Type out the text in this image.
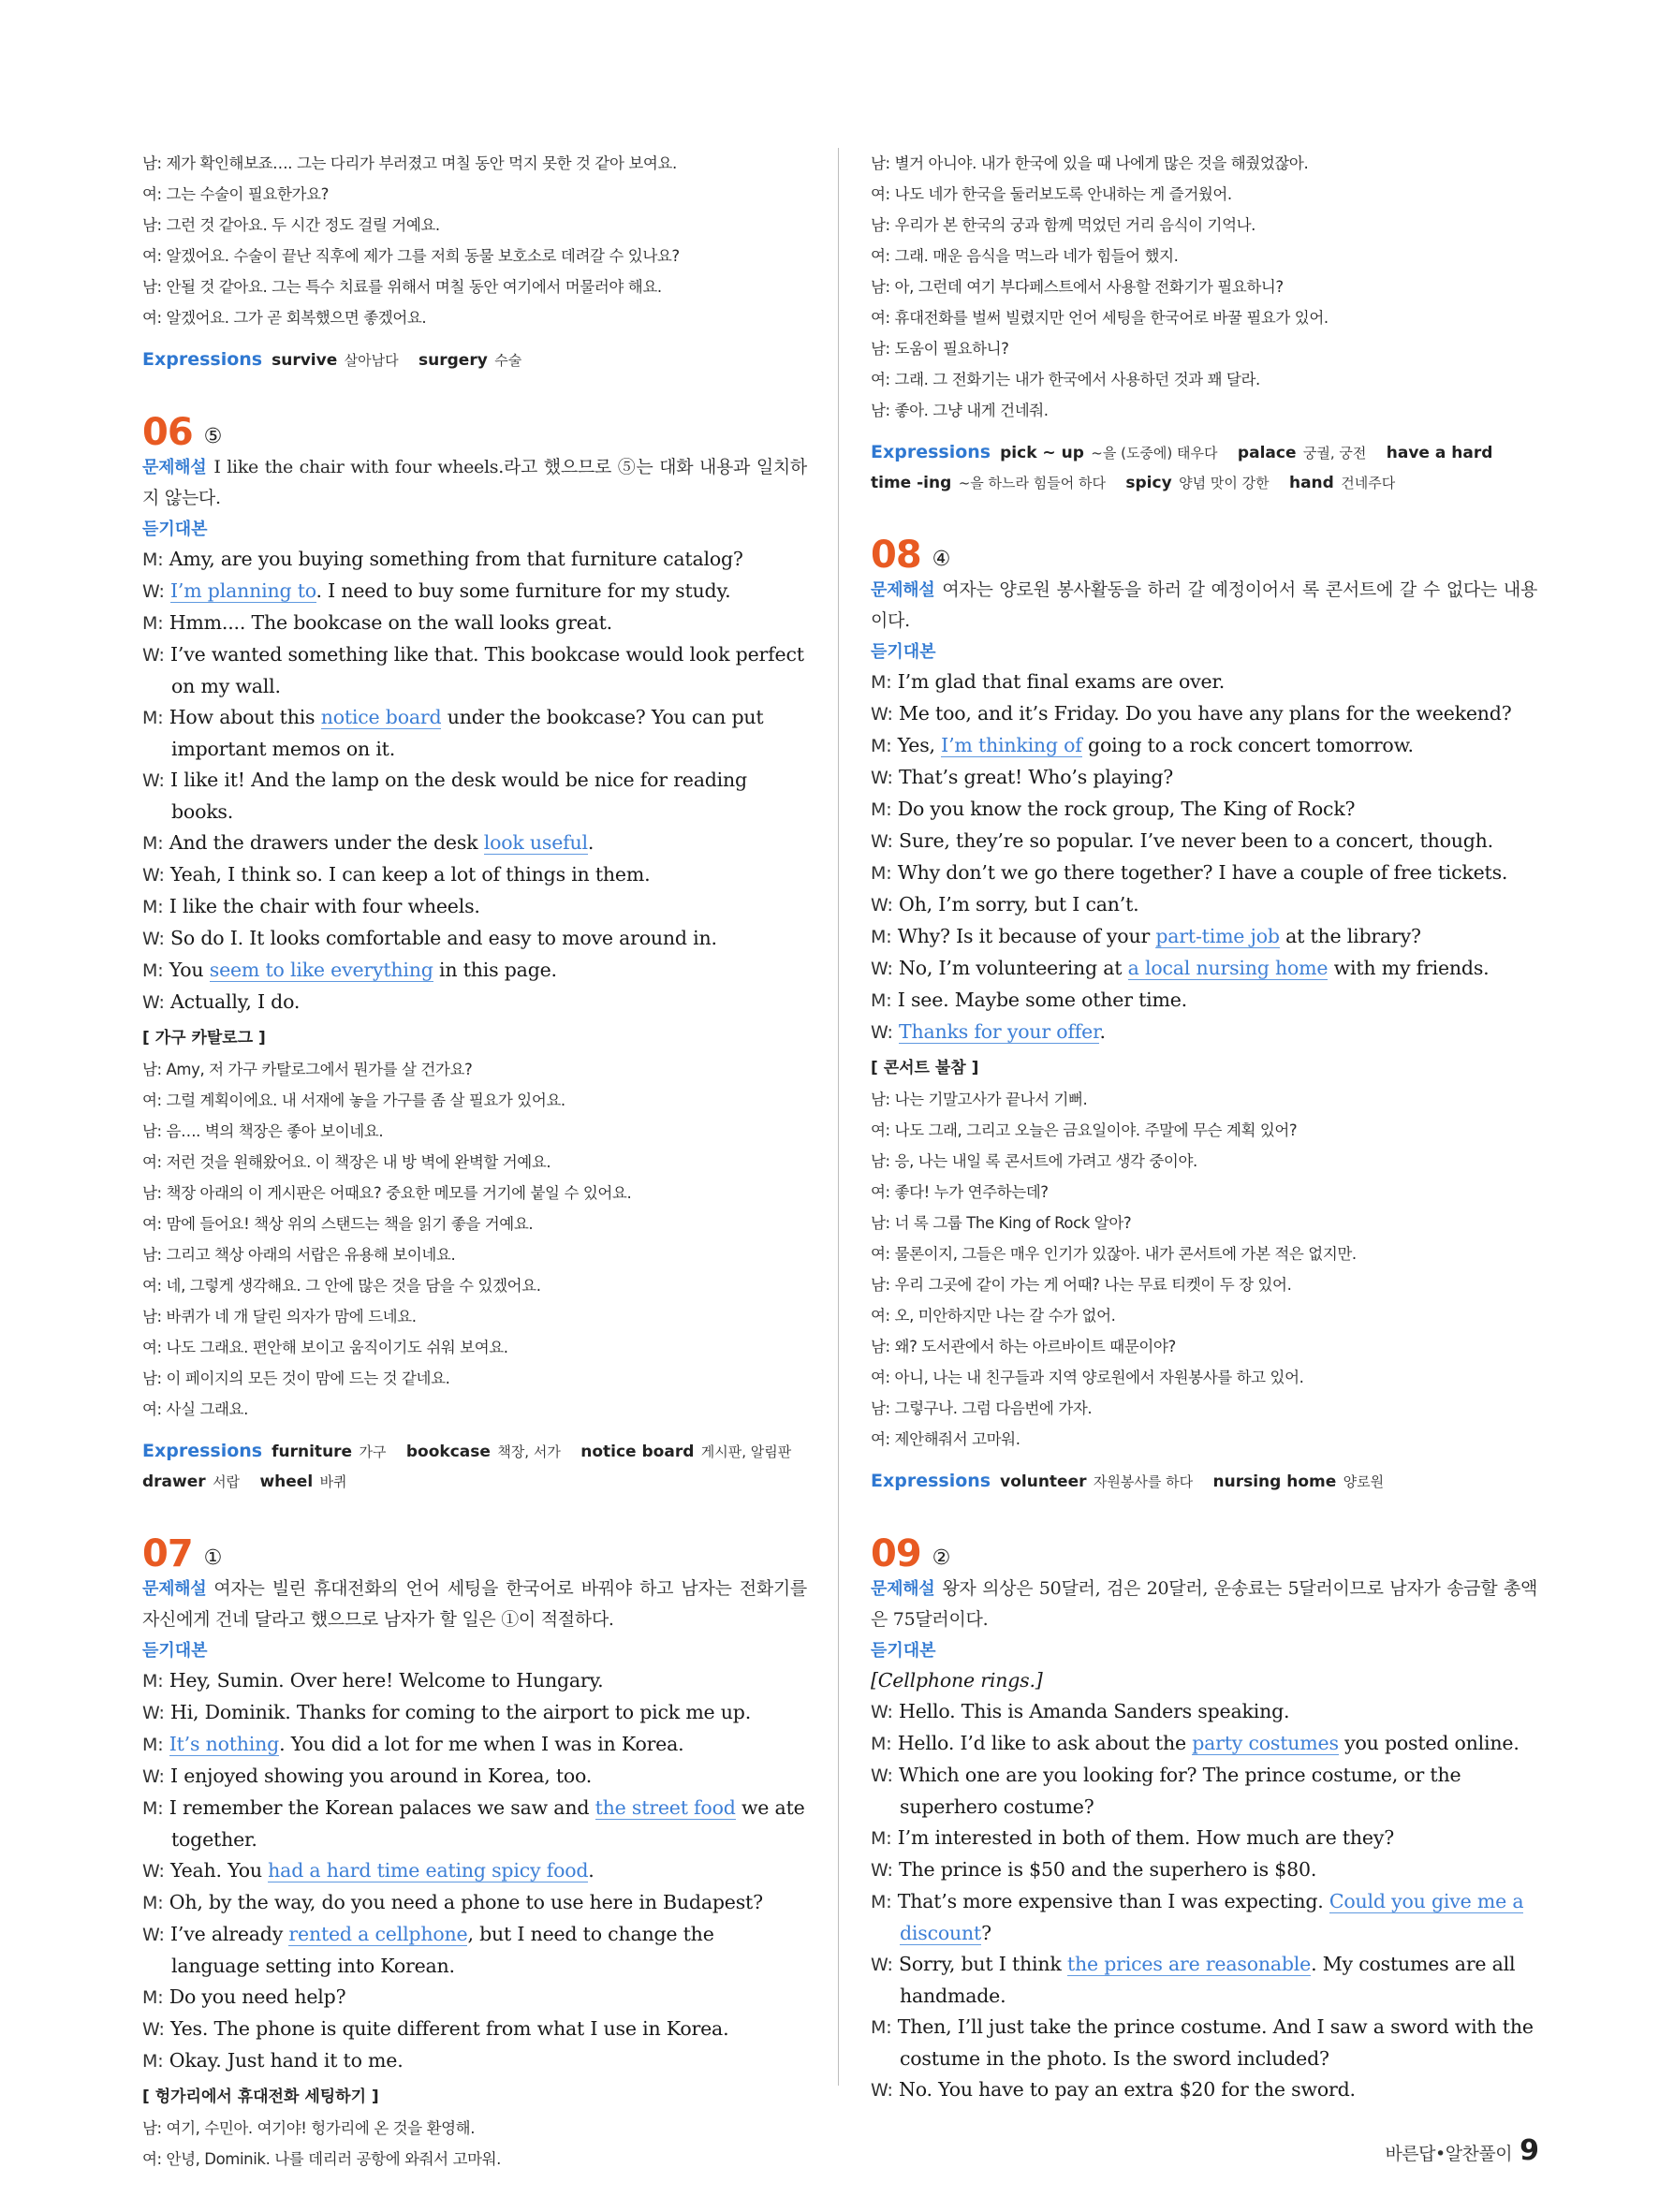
남: 제가 확인해보죠…. 그는 다리가 부러졌고 며칠 동안 먹지 못한 것 같아 보여요.
여: 그는 수술이 필요한가요?
남: 그런 것 같아요. 두 시간 정도 걸릴 거예요.
여: 알겠어요. 수술이 끝난 직후에 제가 그를 저희 동물 보호소로 데려갈 수 있나요?
남: 안될 것 같아요. 그는 특수 치료를 위해서 며칠 동안 여기에서 머물러야 해요.
여: 알겠어요. 그가 곧 회복했으면 좋겠어요.
Expressions survive 살아남다 surgery 수술
06 ⑤
문제해설 I like the chair with four wheels.라고 했으므로 ⑤는 대화 내용과 일치하지 않는다.
듣기대본
M: Amy, are you buying something from that furniture catalog?
W: I’m planning to. I need to buy some furniture for my study.
M: Hmm.... The bookcase on the wall looks great.
W: I’ve wanted something like that. This bookcase would look perfect on my wall.
M: How about this notice board under the bookcase? You can put important memos on it.
W: I like it! And the lamp on the desk would be nice for reading books.
M: And the drawers under the desk look useful.
W: Yeah, I think so. I can keep a lot of things in them.
M: I like the chair with four wheels.
W: So do I. It looks comfortable and easy to move around in.
M: You seem to like everything in this page.
W: Actually, I do.
[ 가구 카탈로그 ]
남: Amy, 저 가구 카탈로그에서 뭔가를 살 건가요?
여: 그럴 계획이에요. 내 서재에 놓을 가구를 좀 살 필요가 있어요.
남: 음…. 벽의 책장은 좋아 보이네요.
여: 저런 것을 원해왔어요. 이 책장은 내 방 벽에 완벽할 거예요.
남: 책장 아래의 이 게시판은 어때요? 중요한 메모를 거기에 붙일 수 있어요.
여: 맘에 들어요! 책상 위의 스탠드는 책을 읽기 좋을 거예요.
남: 그리고 책상 아래의 서랍은 유용해 보이네요.
여: 네, 그렇게 생각해요. 그 안에 많은 것을 담을 수 있겠어요.
남: 바퀴가 네 개 달린 의자가 맘에 드네요.
여: 나도 그래요. 편안해 보이고 움직이기도 쉬워 보여요.
남: 이 페이지의 모든 것이 맘에 드는 것 같네요.
여: 사실 그래요.
Expressions furniture 가구 bookcase 책장, 서가 notice board 게시판, 알림판 drawer 서랍 wheel 바퀴
07 ①
문제해설 여자는 빌린 휴대전화의 언어 세팅을 한국어로 바꿔야 하고 남자는 전화기를 자신에게 건네 달라고 했으므로 남자가 할 일은 ①이 적절하다.
듣기대본
M: Hey, Sumin. Over here! Welcome to Hungary.
W: Hi, Dominik. Thanks for coming to the airport to pick me up.
M: It’s nothing. You did a lot for me when I was in Korea.
W: I enjoyed showing you around in Korea, too.
M: I remember the Korean palaces we saw and the street food we ate together.
W: Yeah. You had a hard time eating spicy food.
M: Oh, by the way, do you need a phone to use here in Budapest?
W: I’ve already rented a cellphone, but I need to change the language setting into Korean.
M: Do you need help?
W: Yes. The phone is quite different from what I use in Korea.
M: Okay. Just hand it to me.
[ 헝가리에서 휴대전화 세팅하기 ]
남: 여기, 수민아. 여기야! 헝가리에 온 것을 환영해.
여: 안녕, Dominik. 나를 데리러 공항에 와줘서 고마워.
남: 별거 아니야. 내가 한국에 있을 때 나에게 많은 것을 해줬었잖아.
여: 나도 네가 한국을 둘러보도록 안내하는 게 즐거웠어.
남: 우리가 본 한국의 궁과 함께 먹었던 거리 음식이 기억나.
여: 그래. 매운 음식을 먹느라 네가 힘들어 했지.
남: 아, 그런데 여기 부다페스트에서 사용할 전화기가 필요하니?
여: 휴대전화를 벌써 빌렸지만 언어 세팅을 한국어로 바꿀 필요가 있어.
남: 도움이 필요하니?
여: 그래. 그 전화기는 내가 한국에서 사용하던 것과 꽤 달라.
남: 좋아. 그냥 내게 건네줘.
Expressions pick ~ up ~을 (도중에) 태우다 palace 궁궐, 궁전 have a hard time -ing ~을 하느라 힘들어 하다 spicy 양념 맛이 강한 hand 건네주다
08 ④
문제해설 여자는 양로원 봉사활동을 하러 갈 예정이어서 록 콘서트에 갈 수 없다는 내용이다.
듣기대본
M: I’m glad that final exams are over.
W: Me too, and it’s Friday. Do you have any plans for the weekend?
M: Yes, I’m thinking of going to a rock concert tomorrow.
W: That’s great! Who’s playing?
M: Do you know the rock group, The King of Rock?
W: Sure, they’re so popular. I’ve never been to a concert, though.
M: Why don’t we go there together? I have a couple of free tickets.
W: Oh, I’m sorry, but I can’t.
M: Why? Is it because of your part-time job at the library?
W: No, I’m volunteering at a local nursing home with my friends.
M: I see. Maybe some other time.
W: Thanks for your offer.
[ 콘서트 불참 ]
남: 나는 기말고사가 끝나서 기뻐.
여: 나도 그래, 그리고 오늘은 금요일이야. 주말에 무슨 계획 있어?
남: 응, 나는 내일 록 콘서트에 가려고 생각 중이야.
여: 좋다! 누가 연주하는데?
남: 너 록 그룹 The King of Rock 알아?
여: 물론이지, 그들은 매우 인기가 있잖아. 내가 콘서트에 가본 적은 없지만.
남: 우리 그곳에 같이 가는 게 어때? 나는 무료 티켓이 두 장 있어.
여: 오, 미안하지만 나는 갈 수가 없어.
남: 왜? 도서관에서 하는 아르바이트 때문이야?
여: 아니, 나는 내 친구들과 지역 양로원에서 자원봉사를 하고 있어.
남: 그렇구나. 그럼 다음번에 가자.
여: 제안해줘서 고마워.
Expressions volunteer 자원봉사를 하다 nursing home 양로원
09 ②
문제해설 왕자 의상은 50달러, 검은 20달러, 운송료는 5달러이므로 남자가 송금할 총액은 75달러이다.
듣기대본
[Cellphone rings.]
W: Hello. This is Amanda Sanders speaking.
M: Hello. I’d like to ask about the party costumes you posted online.
W: Which one are you looking for? The prince costume, or the superhero costume?
M: I’m interested in both of them. How much are they?
W: The prince is $50 and the superhero is $80.
M: That’s more expensive than I was expecting. Could you give me a discount?
W: Sorry, but I think the prices are reasonable. My costumes are all handmade.
M: Then, I’ll just take the prince costume. And I saw a sword with the costume in the photo. Is the sword included?
W: No. You have to pay an extra $20 for the sword.
바른답•알찬풀이 9
